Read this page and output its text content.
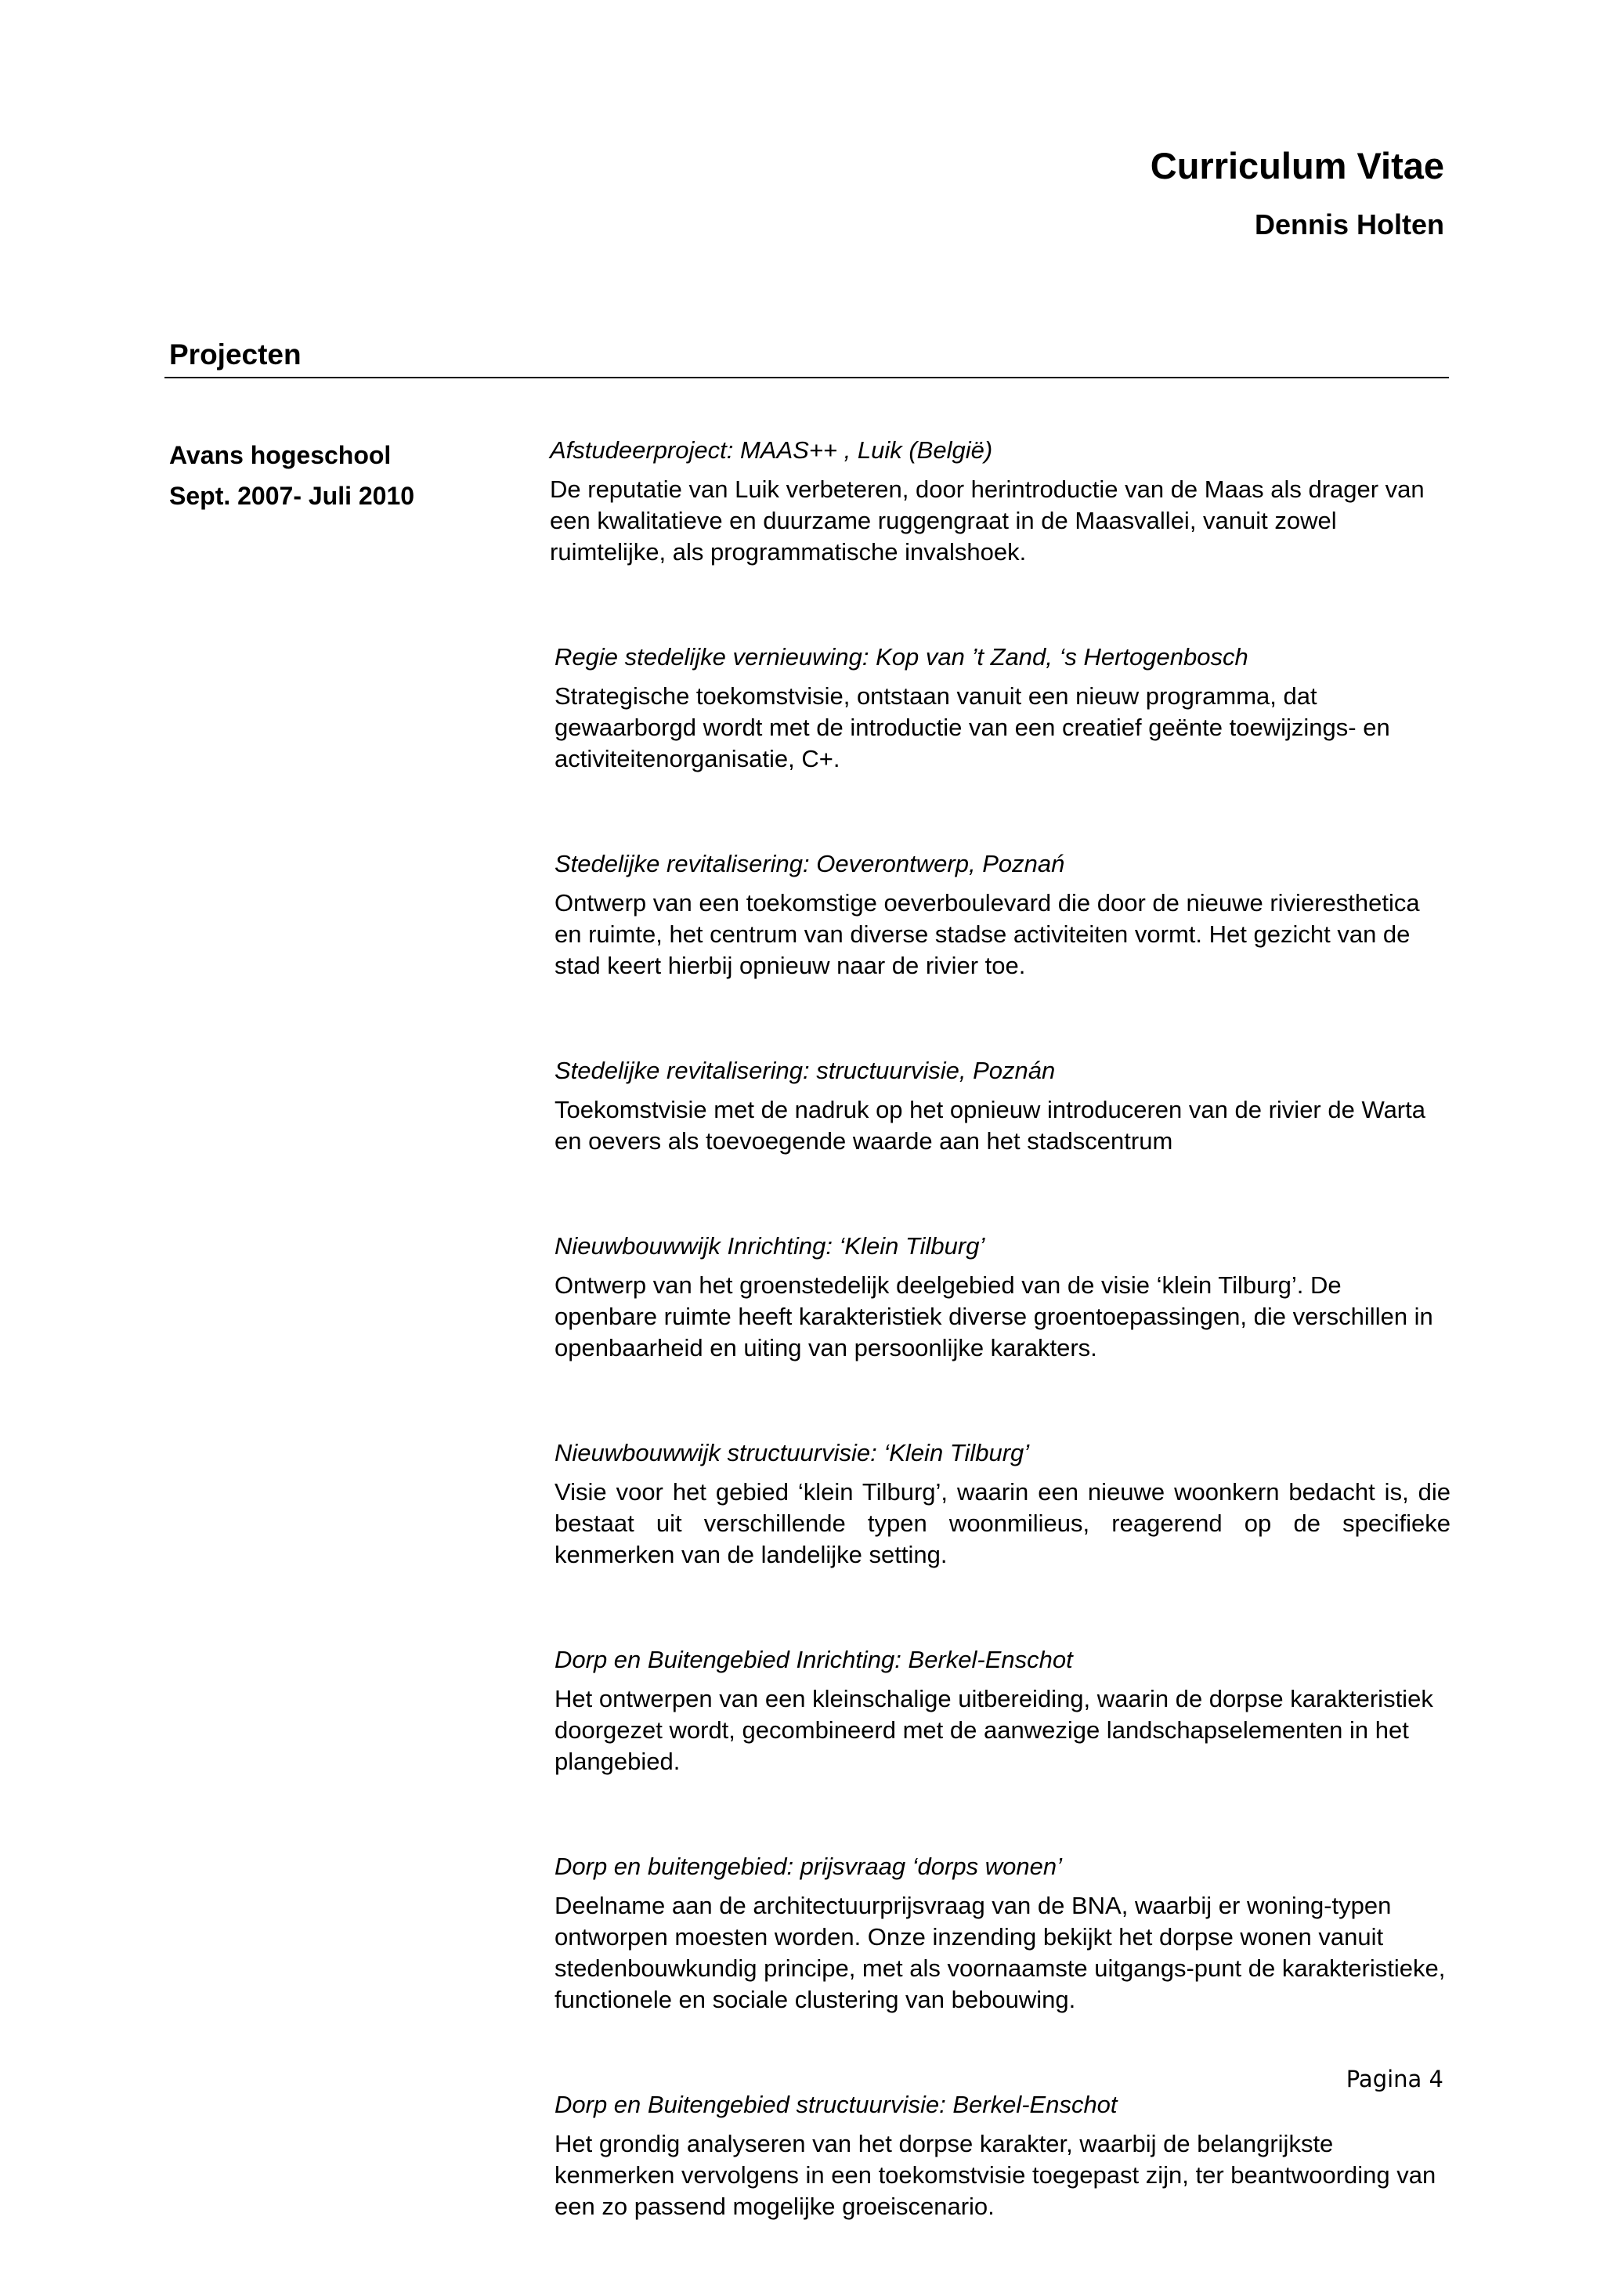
Curriculum Vitae
Dennis Holten
Projecten
Avans hogeschool
Sept. 2007- Juli 2010
Afstudeerproject: MAAS++ , Luik (België)
De reputatie van Luik verbeteren, door herintroductie van de Maas als drager van een kwalitatieve en duurzame ruggengraat in de Maasvallei, vanuit zowel ruimtelijke, als programmatische invalshoek.
Regie stedelijke vernieuwing: Kop van ’t Zand, ‘s Hertogenbosch
Strategische toekomstvisie, ontstaan vanuit een nieuw programma, dat gewaarborgd wordt met de introductie van een creatief geënte toewijzings- en activiteitenorganisatie, C+.
Stedelijke revitalisering: Oeverontwerp, Poznań
Ontwerp van een toekomstige oeverboulevard die door de nieuwe rivieresthetica en ruimte, het centrum van diverse stadse activiteiten vormt. Het gezicht van de stad keert hierbij opnieuw naar de rivier toe.
Stedelijke revitalisering: structuurvisie, Poznán
Toekomstvisie met de nadruk op het opnieuw introduceren van de rivier de Warta en oevers als toevoegende waarde aan het stadscentrum
Nieuwbouwwijk Inrichting: ‘Klein Tilburg’
Ontwerp van het groenstedelijk deelgebied van de visie ‘klein Tilburg’. De openbare ruimte heeft karakteristiek diverse groentoepassingen, die verschillen in openbaarheid en uiting van persoonlijke karakters.
Nieuwbouwwijk structuurvisie: ‘Klein Tilburg’
Visie voor het gebied ‘klein Tilburg’, waarin een nieuwe woonkern bedacht is, die bestaat uit verschillende typen woonmilieus, reagerend op de specifieke kenmerken van de landelijke setting.
Dorp en Buitengebied Inrichting: Berkel-Enschot
Het ontwerpen van een kleinschalige uitbereiding, waarin de dorpse karakteristiek doorgezet wordt, gecombineerd met de aanwezige landschapselementen in het plangebied.
Dorp en buitengebied: prijsvraag ‘dorps wonen’
Deelname aan de architectuurprijsvraag van de BNA, waarbij er woning-typen ontworpen moesten worden. Onze inzending bekijkt het dorpse wonen vanuit stedenbouwkundig principe, met als voornaamste uitgangs-punt de karakteristieke, functionele en sociale clustering van bebouwing.
Dorp en Buitengebied structuurvisie: Berkel-Enschot
Het grondig analyseren van het dorpse karakter, waarbij de belangrijkste kenmerken vervolgens in een toekomstvisie toegepast zijn, ter beantwoording van een zo passend mogelijke groeiscenario.
Pagina 4
